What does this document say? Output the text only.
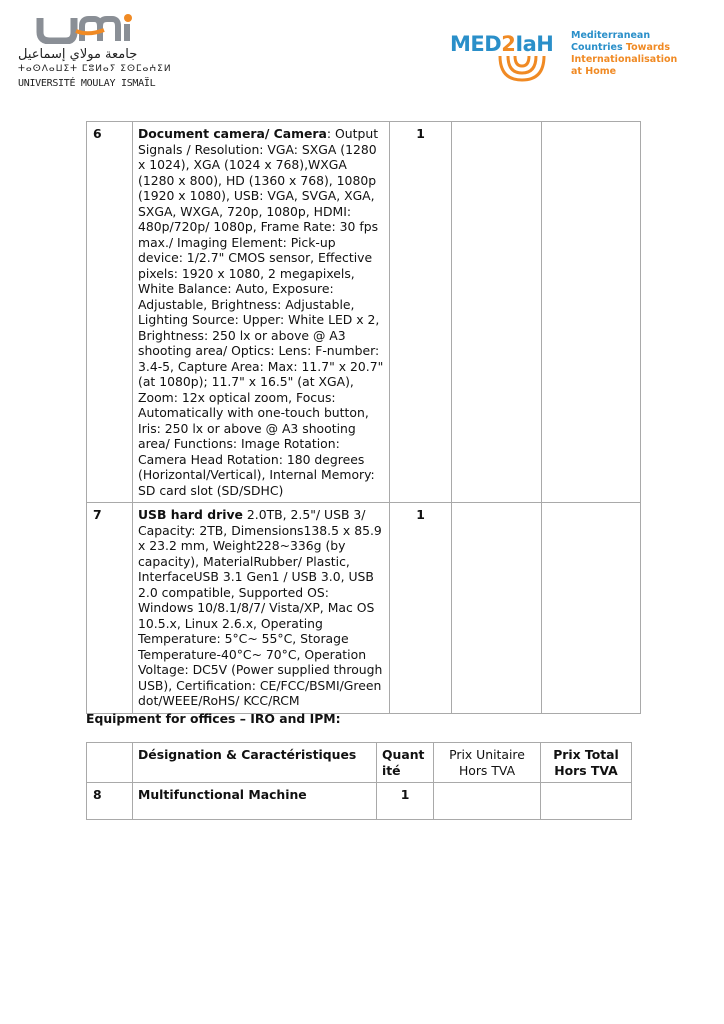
جامعة مولاي إسماعيل
ⵜⴰⵙⴷⴰⵡⵉⵜ ⵎⵓⵍⴰⵢ ⵉⵙⵎⴰⵄⵉⵍ
UNIVERSITÉ MOULAY ISMAÏL
MED2IaH Mediterranean
Countries Towards
Internationalisation
at Home
6	Document camera/ Camera: Output Signals / Resolution: VGA: SXGA (1280 x 1024), XGA (1024 x 768),WXGA (1280 x 800), HD (1360 x 768), 1080p (1920 x 1080), USB: VGA, SVGA, XGA, SXGA, WXGA, 720p, 1080p, HDMI: 480p/720p/ 1080p, Frame Rate: 30 fps max./ Imaging Element: Pick-up device: 1/2.7" CMOS sensor, Effective pixels: 1920 x 1080, 2 megapixels, White Balance: Auto, Exposure: Adjustable, Brightness: Adjustable, Lighting Source: Upper: White LED x 2, Brightness: 250 lx or above @ A3 shooting area/ Optics: Lens: F-number: 3.4-5, Capture Area: Max: 11.7" x 20.7" (at 1080p); 11.7" x 16.5" (at XGA), Zoom: 12x optical zoom, Focus: Automatically with one-touch button, Iris: 250 lx or above @ A3 shooting area/ Functions: Image Rotation: Camera Head Rotation: 180 degrees (Horizontal/Vertical), Internal Memory: SD card slot (SD/SDHC)	1		
7	USB hard drive 2.0TB, 2.5"/ USB 3/ Capacity: 2TB, Dimensions138.5 x 85.9 x 23.2 mm, Weight228~336g (by capacity), MaterialRubber/ Plastic, InterfaceUSB 3.1 Gen1 / USB 3.0, USB 2.0 compatible, Supported OS: Windows 10/8.1/8/7/ Vista/XP, Mac OS 10.5.x, Linux 2.6.x, Operating Temperature: 5°C~ 55°C, Storage Temperature-40°C~ 70°C, Operation Voltage: DC5V (Power supplied through USB), Certification: CE/FCC/BSMI/Green dot/WEEE/RoHS/ KCC/RCM	1		
Equipment for offices – IRO and IPM:
	Désignation & Caractéristiques	Quantité	Prix Unitaire Hors TVA	Prix Total Hors TVA
8	Multifunctional Machine	1		
